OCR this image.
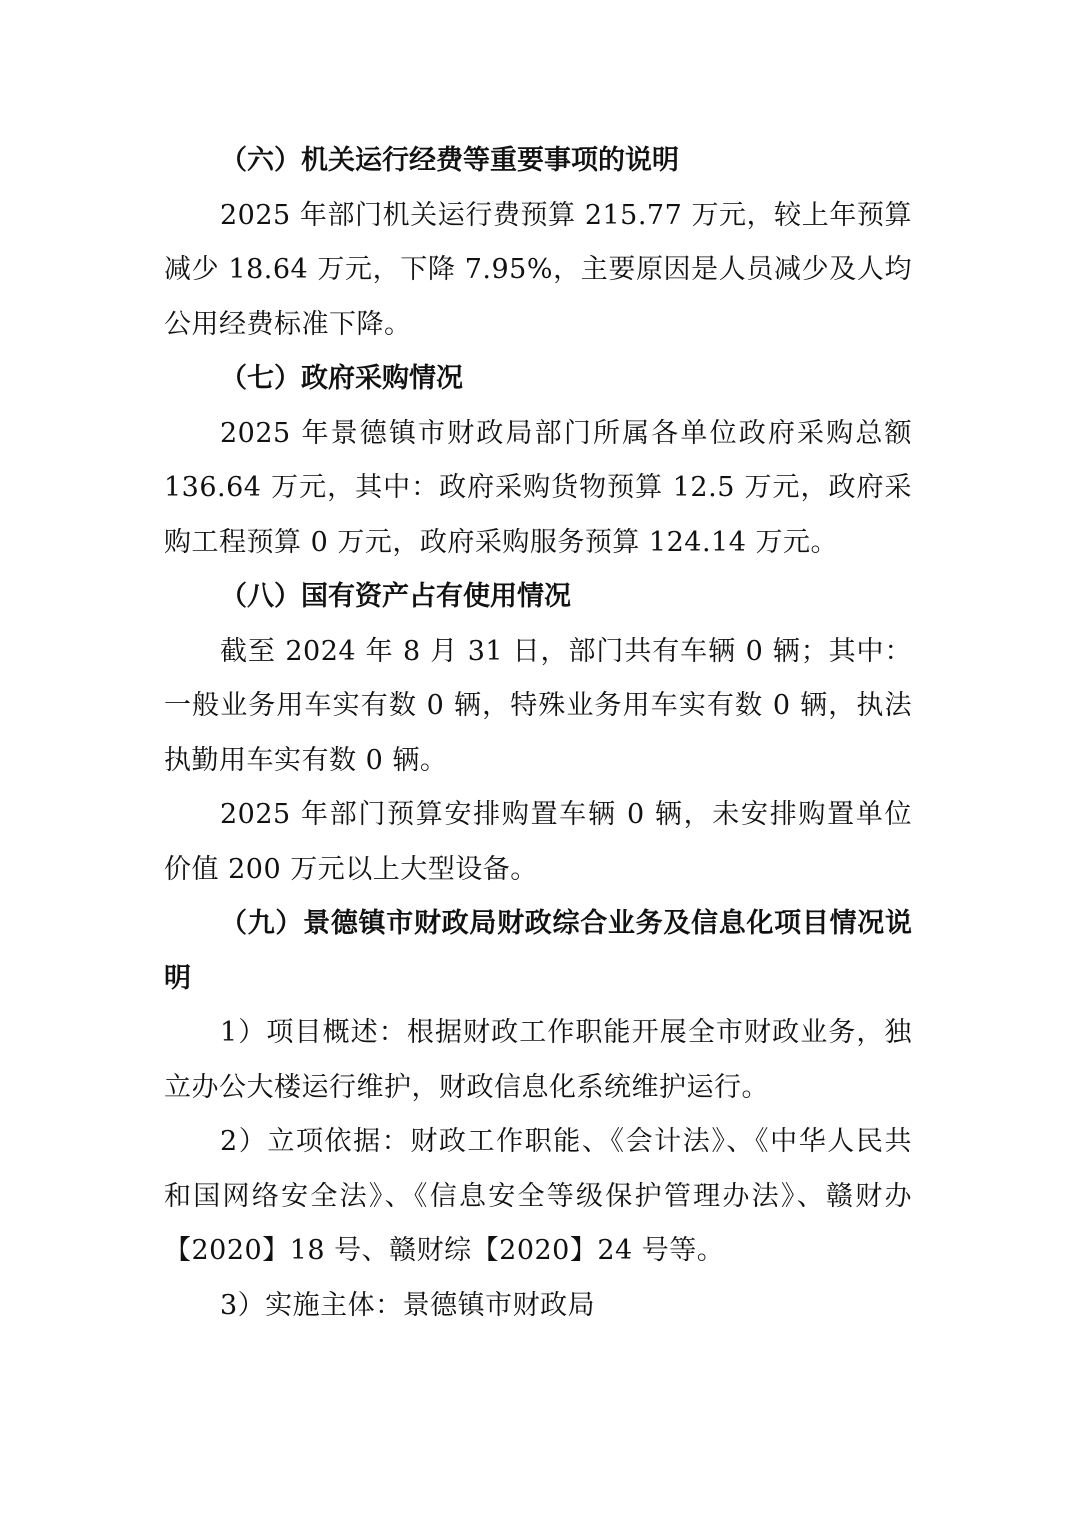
（六）机关运行经费等重要事项的说明

2025 年部门机关运行费预算 215.77 万元，较上年预算减少 18.64 万元，下降 7.95%，主要原因是人员减少及人均公用经费标准下降。

（七）政府采购情况

2025 年景德镇市财政局部门所属各单位政府采购总额 136.64 万元，其中：政府采购货物预算 12.5 万元，政府采购工程预算 0 万元，政府采购服务预算 124.14 万元。

（八）国有资产占有使用情况

截至 2024 年 8 月 31 日，部门共有车辆 0 辆；其中：一般业务用车实有数 0 辆，特殊业务用车实有数 0 辆，执法执勤用车实有数 0 辆。

2025 年部门预算安排购置车辆 0 辆，未安排购置单位价值 200 万元以上大型设备。

（九）景德镇市财政局财政综合业务及信息化项目情况说明

1）项目概述：根据财政工作职能开展全市财政业务，独立办公大楼运行维护，财政信息化系统维护运行。

2）立项依据：财政工作职能、《会计法》、《中华人民共和国网络安全法》、《信息安全等级保护管理办法》、赣财办【2020】18 号、赣财综【2020】24 号等。

3）实施主体：景德镇市财政局
